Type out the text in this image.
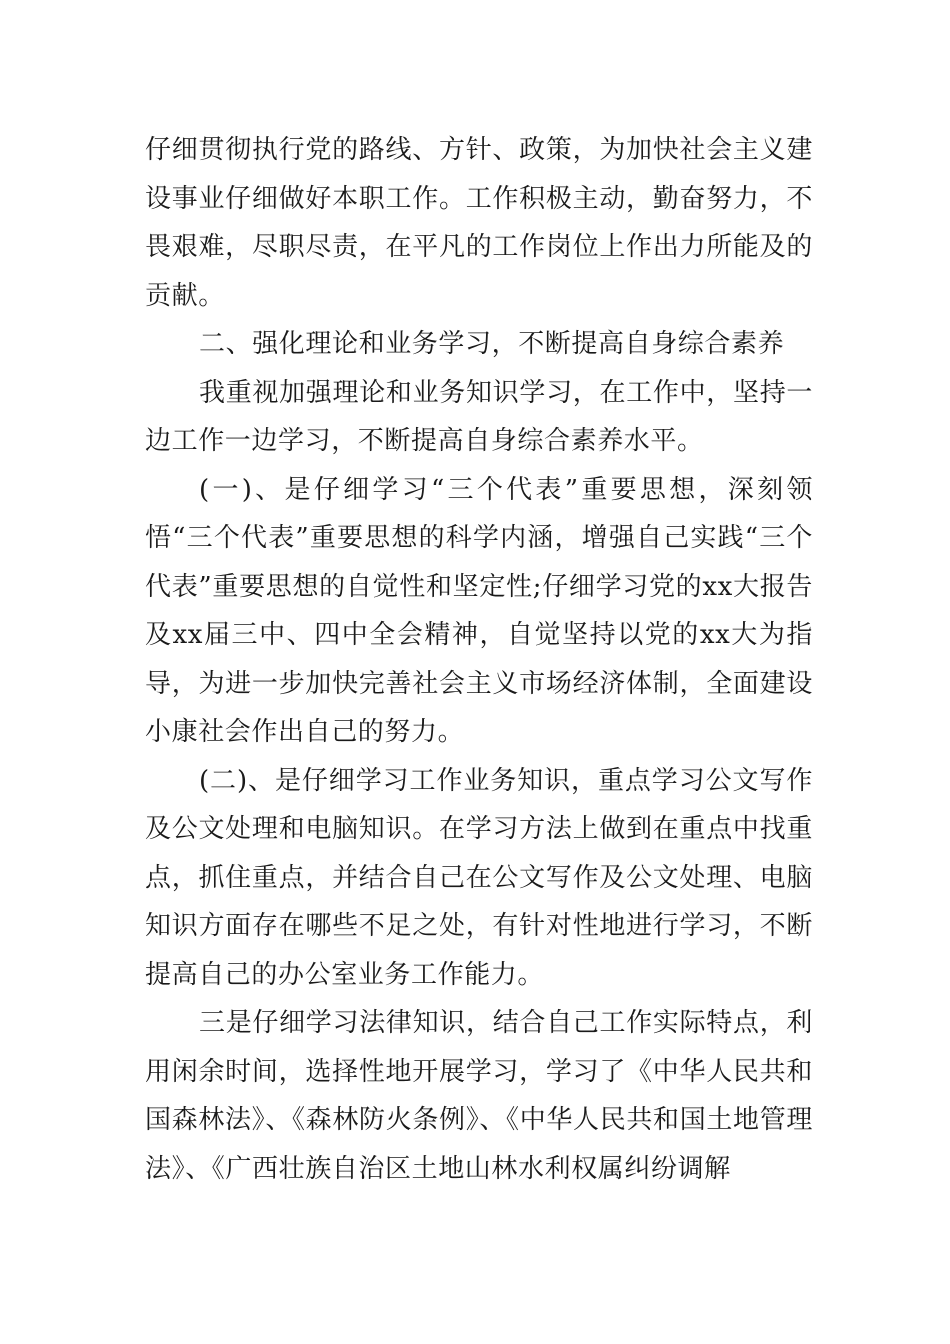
仔细贯彻执行党的路线、方针、政策，为加快社会主义建设事业仔细做好本职工作。工作积极主动，勤奋努力，不畏艰难，尽职尽责，在平凡的工作岗位上作出力所能及的贡献。

二、强化理论和业务学习，不断提高自身综合素养

我重视加强理论和业务知识学习，在工作中，坚持一边工作一边学习，不断提高自身综合素养水平。

(一)、是仔细学习“三个代表”重要思想，深刻领悟“三个代表”重要思想的科学内涵，增强自己实践“三个代表”重要思想的自觉性和坚定性;仔细学习党的xx大报告及xx届三中、四中全会精神，自觉坚持以党的xx大为指导，为进一步加快完善社会主义市场经济体制，全面建设小康社会作出自己的努力。

(二)、是仔细学习工作业务知识，重点学习公文写作及公文处理和电脑知识。在学习方法上做到在重点中找重点，抓住重点，并结合自己在公文写作及公文处理、电脑知识方面存在哪些不足之处，有针对性地进行学习，不断提高自己的办公室业务工作能力。

三是仔细学习法律知识，结合自己工作实际特点，利用闲余时间，选择性地开展学习，学习了《中华人民共和国森林法》、《森林防火条例》、《中华人民共和国土地管理法》、《广西壮族自治区土地山林水利权属纠纷调解
